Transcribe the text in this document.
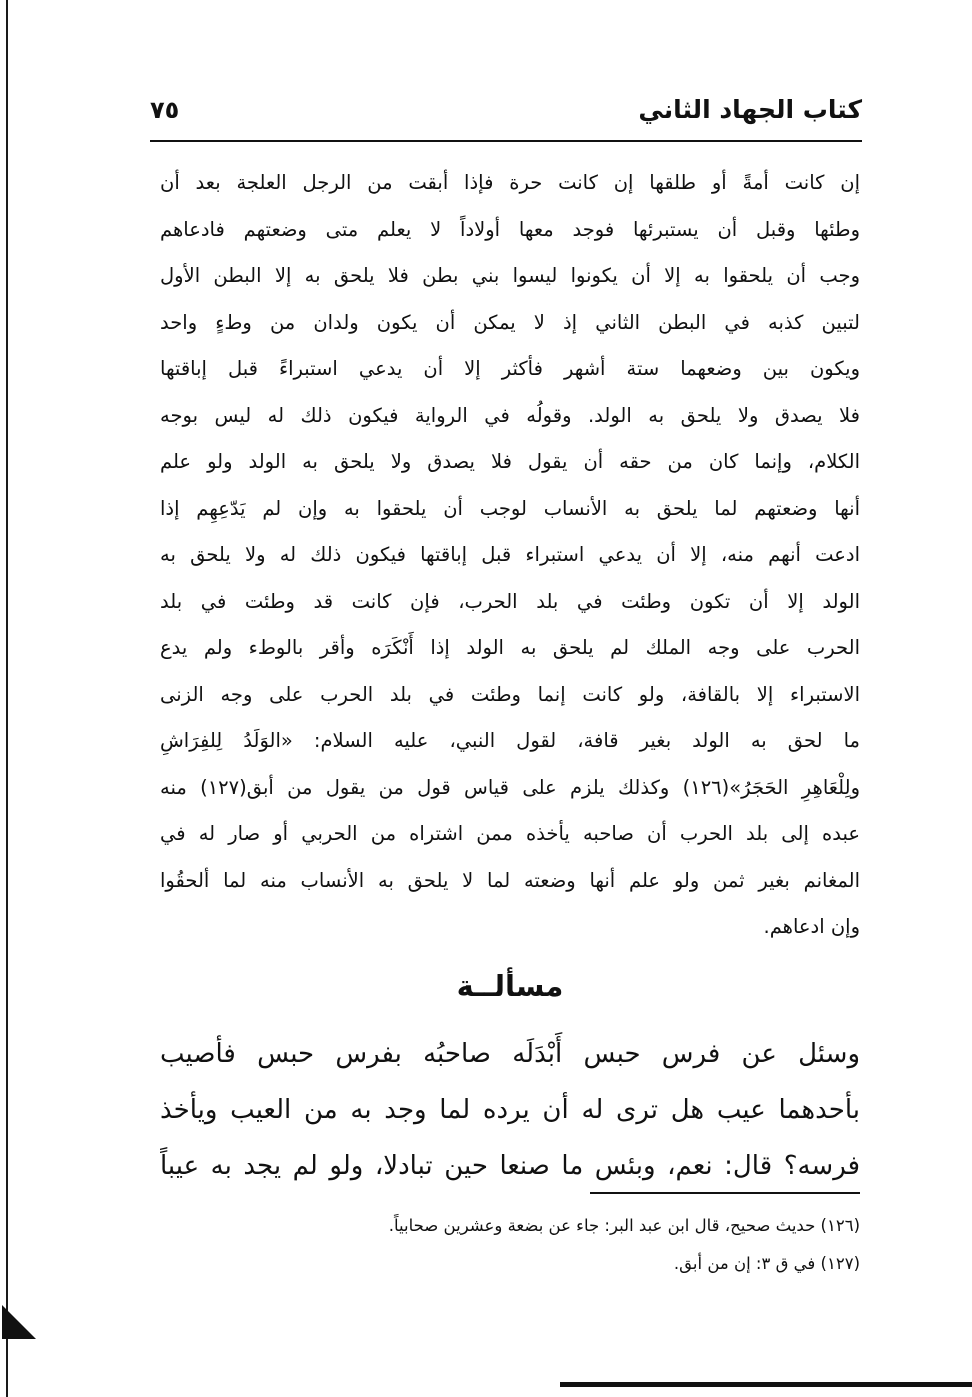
كتاب الجهاد الثاني
٧٥
إن كانت أمةً أو طلقها إن كانت حرة فإذا أبقت من الرجل العلجة بعد أن
وطئها وقبل أن يستبرئها فوجد معها أولاداً لا يعلم متى وضعتهم فادعاهم
وجب أن يلحقوا به إلا أن يكونوا ليسوا بني بطن فلا يلحق به إلا البطن الأول
لتبين كذبه في البطن الثاني إذ لا يمكن أن يكون ولدان من وطءٍ واحد
ويكون بين وضعهما ستة أشهر فأكثر إلا أن يدعي استبراءً قبل إباقتها
فلا يصدق ولا يلحق به الولد. وقولُه في الرواية فيكون ذلك له ليس بوجه
الكلام، وإنما كان من حقه أن يقول فلا يصدق ولا يلحق به الولد ولو علم
أنها وضعتهم لما يلحق به الأنساب لوجب أن يلحقوا به وإن لم يَدّعِهِم إذا
ادعت أنهم منه، إلا أن يدعي استبراء قبل إباقتها فيكون ذلك له ولا يلحق به
الولد إلا أن تكون وطئت في بلد الحرب، فإن كانت قد وطئت في بلد
الحرب على وجه الملك لم يلحق به الولد إذا أَنْكَرَه وأقر بالوطء ولم يدع
الاستبراء إلا بالقافة، ولو كانت إنما وطئت في بلد الحرب على وجه الزنى
ما لحق به الولد بغير قافة، لقول النبي، عليه السلام: «الوَلَدُ لِلفِرَاشِ
ولِلْعَاهِرِ الحَجَرُ»(١٢٦) وكذلك يلزم على قياس قول من يقول من أبق(١٢٧) منه
عبده إلى بلد الحرب أن صاحبه يأخذه ممن اشتراه من الحربي أو صار له في
المغانم بغير ثمن ولو علم أنها وضعته لما لا يلحق به الأنساب منه لما ألحقُوا
وإن ادعاهم.
مسألــة
وسئل عن فرس حبس أَبْدَلَه صاحبُه بفرس حبس فأصيب
بأحدهما عيب هل ترى له أن يرده لما وجد به من العيب ويأخذ
فرسه؟ قال: نعم، وبئس ما صنعا حين تبادلا، ولو لم يجد به عيباً
(١٢٦) حديث صحيح، قال ابن عبد البر: جاء عن بضعة وعشرين صحابياً.
(١٢٧) في ق ٣: إن من أبق.
